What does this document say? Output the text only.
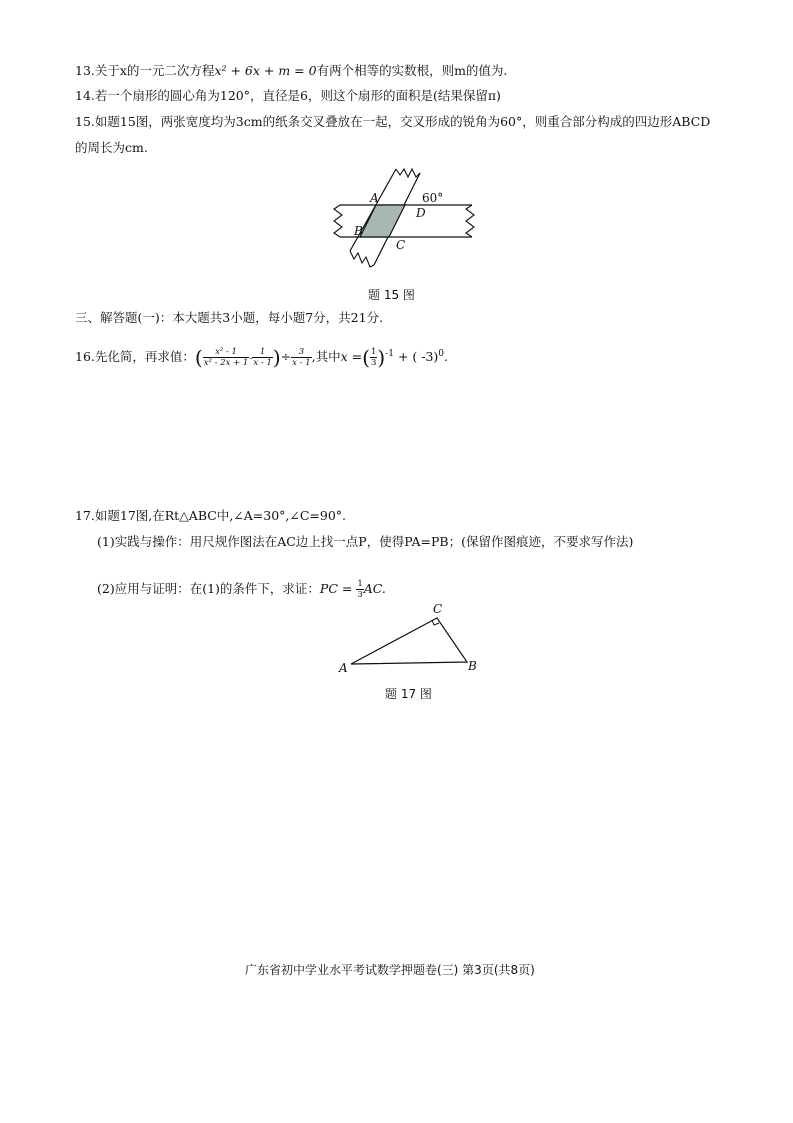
13.关于x的一元二次方程x² + 6x + m = 0有两个相等的实数根，则m的值为.
14.若一个扇形的圆心角为120°，直径是6，则这个扇形的面积是(结果保留π)
15.如题15图，两张宽度均为3cm的纸条交叉叠放在一起，交叉形成的锐角为60°，则重合部分构成的四边形ABCD
的周长为cm.
A
D
B
C
60°
题 15 图
三、解答题(一)：本大题共3小题，每小题7分，共21分.
16.先化简，再求值：( $\frac{\text{x² - 1}}{\text{x² - 2x + 1}} - \frac{1}{x - 1}$ )÷ $\frac{3}{x - 1}$ ,其中x =( $\frac{1}{3} )^{-1}$ + ( -3)$^0$.
17.如题17图,在Rt△ABC中,∠A=30°,∠C=90°.
(1)实践与操作：用尺规作图法在AC边上找一点P，使得PA=PB；(保留作图痕迹，不要求写作法)
(2)应用与证明：在(1)的条件下，求证：PC = $\frac{1}{3}$ AC.
A	B
C
题 17 图
广东省初中学业水平考试数学押题卷(三) 第3页(共8页)
